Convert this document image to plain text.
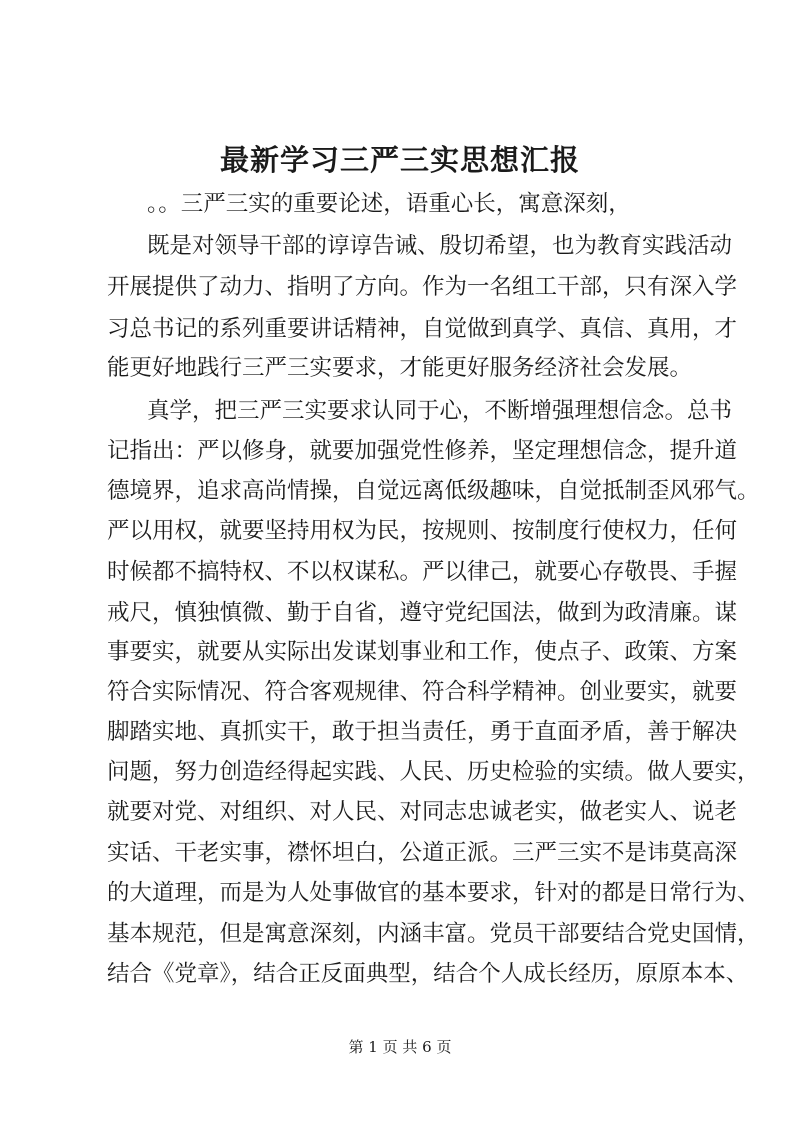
最新学习三严三实思想汇报
。。三严三实的重要论述，语重心长，寓意深刻，
既是对领导干部的谆谆告诫、殷切希望，也为教育实践活动
开展提供了动力、指明了方向。作为一名组工干部，只有深入学
习总书记的系列重要讲话精神，自觉做到真学、真信、真用，才
能更好地践行三严三实要求，才能更好服务经济社会发展。
真学，把三严三实要求认同于心，不断增强理想信念。总书
记指出：严以修身，就要加强党性修养，坚定理想信念，提升道
德境界，追求高尚情操，自觉远离低级趣味，自觉抵制歪风邪气。
严以用权，就要坚持用权为民，按规则、按制度行使权力，任何
时候都不搞特权、不以权谋私。严以律己，就要心存敬畏、手握
戒尺，慎独慎微、勤于自省，遵守党纪国法，做到为政清廉。谋
事要实，就要从实际出发谋划事业和工作，使点子、政策、方案
符合实际情况、符合客观规律、符合科学精神。创业要实，就要
脚踏实地、真抓实干，敢于担当责任，勇于直面矛盾，善于解决
问题，努力创造经得起实践、人民、历史检验的实绩。做人要实，
就要对党、对组织、对人民、对同志忠诚老实，做老实人、说老
实话、干老实事，襟怀坦白，公道正派。三严三实不是讳莫高深
的大道理，而是为人处事做官的基本要求，针对的都是日常行为、
基本规范，但是寓意深刻，内涵丰富。党员干部要结合党史国情，
结合《党章》，结合正反面典型，结合个人成长经历，原原本本、
第 1 页 共 6 页
